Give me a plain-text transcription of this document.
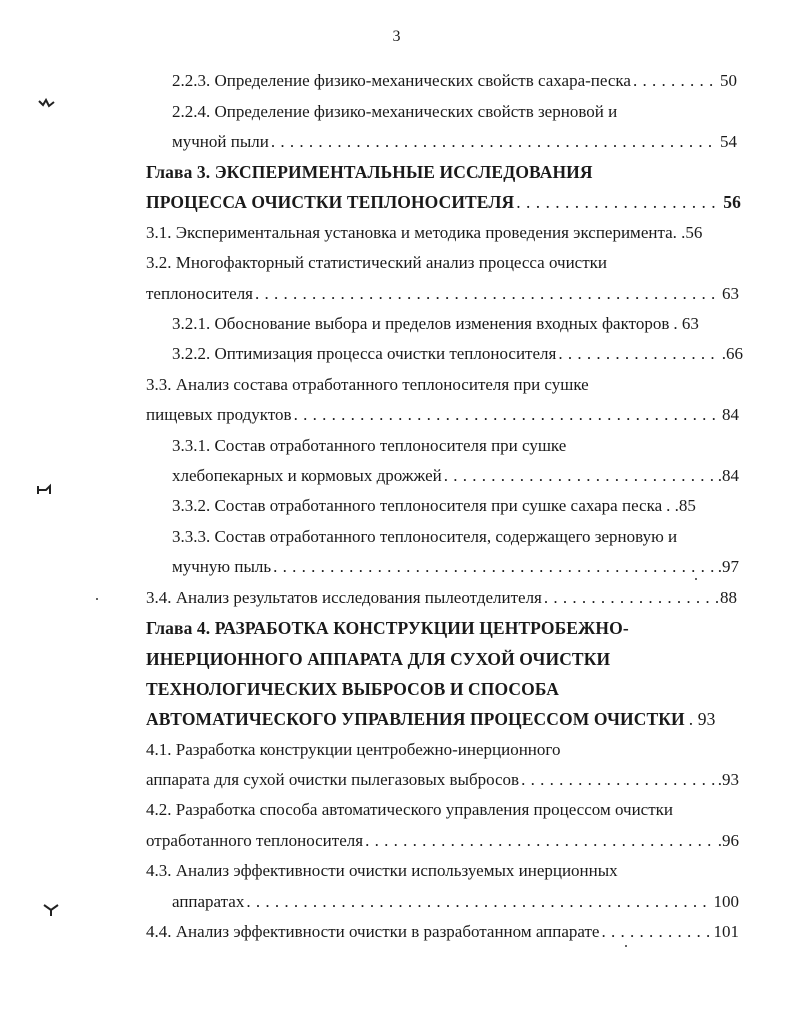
3
2.2.3. Определение физико-механических свойств сахара-песка . . .	50
2.2.4. Определение физико-механических свойств зерновой и
мучной пыли . . .	54
Глава 3. ЭКСПЕРИМЕНТАЛЬНЫЕ ИССЛЕДОВАНИЯ
ПРОЦЕССА ОЧИСТКИ ТЕПЛОНОСИТЕЛЯ . . .	56
3.1. Экспериментальная установка и методика проведения эксперимента. .56
3.2. Многофакторный статистический анализ процесса очистки
теплоносителя . . .	63
3.2.1. Обоснование выбора и пределов изменения входных факторов . 63
3.2.2. Оптимизация процесса очистки теплоносителя . . .	.66
3.3. Анализ состава отработанного теплоносителя при сушке
пищевых продуктов . . .	84
3.3.1. Состав отработанного теплоносителя при сушке
хлебопекарных и кормовых дрожжей . . .	.84
3.3.2. Состав отработанного теплоносителя при сушке сахара песка . .85
3.3.3. Состав отработанного теплоносителя, содержащего зерновую и
мучную пыль . . .	.97
3.4. Анализ результатов исследования пылеотделителя . . .	88
Глава 4. РАЗРАБОТКА КОНСТРУКЦИИ ЦЕНТРОБЕЖНО-
ИНЕРЦИОННОГО АППАРАТА ДЛЯ СУХОЙ ОЧИСТКИ
ТЕХНОЛОГИЧЕСКИХ ВЫБРОСОВ И СПОСОБА
АВТОМАТИЧЕСКОГО УПРАВЛЕНИЯ ПРОЦЕССОМ ОЧИСТКИ . 93
4.1. Разработка конструкции центробежно-инерционного
аппарата для сухой очистки пылегазовых выбросов . . .	.93
4.2. Разработка способа автоматического управления процессом очистки
отработанного теплоносителя . . .	.96
4.3. Анализ эффективности очистки используемых инерционных
аппаратах . . .	100
4.4. Анализ эффективности очистки в разработанном аппарате . . .	101
